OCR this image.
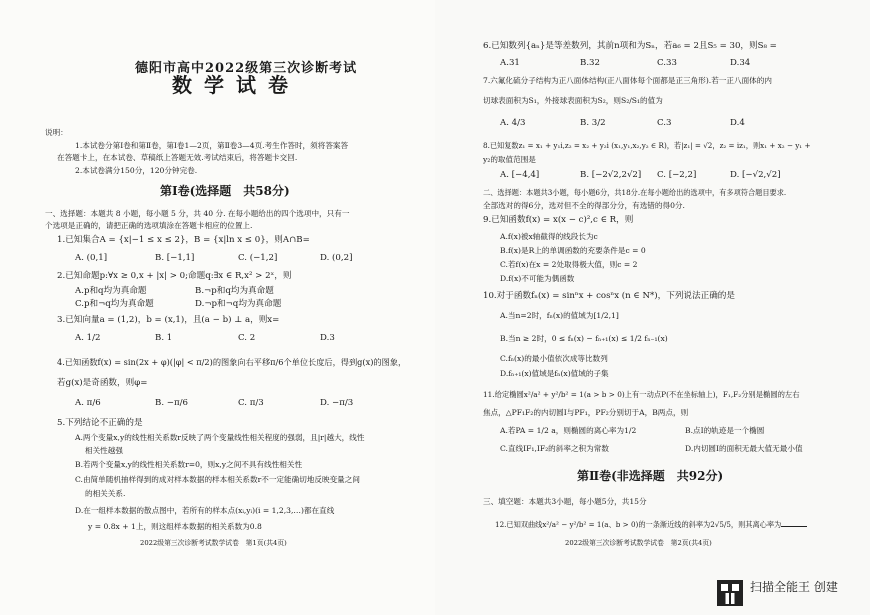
德阳市高中2022级第三次诊断考试
数学试卷
说明：
1.本试卷分第Ⅰ卷和第Ⅱ卷，第Ⅰ卷1—2页，第Ⅱ卷3—4页.考生作答时，须将答案答
在答题卡上，在本试卷、草稿纸上答题无效.考试结束后，将答题卡交回.
2.本试卷满分150分，120分钟完卷.
第Ⅰ卷(选择题　共58分)
一、选择题：本题共 8 小题，每小题 5 分，共 40 分. 在每小题给出的四个选项中，只有一
个选项是正确的，请把正确的选项填涂在答题卡相应的位置上.
1.已知集合A = {x|−1 ≤ x ≤ 2}，B = {x|ln x ≤ 0}，则A∩B=
A. (0,1]	B. [−1,1]	C. (−1,2]	D. (0,2]
2.已知命题p:∀x ≥ 0,x + |x| > 0;命题q:∃x ∈ R,x² > 2ˣ，则
A.p和q均为真命题	B.¬p和q均为真命题
C.p和¬q均为真命题	D.¬p和¬q均为真命题
3.已知向量a = (1,2)，b = (x,1)，且(a − b) ⊥ a，则x=
A. 1/2	B. 1	C. 2	D.3
4.已知函数f(x) = sin(2x + φ)(|φ| < π/2)的图象向右平移π/6个单位长度后，得到g(x)的图象，
若g(x)是奇函数，则φ=
A. π/6	B. −π/6	C. π/3	D. −π/3
5.下列结论不正确的是
A.两个变量x,y的线性相关系数r反映了两个变量线性相关程度的强弱，且|r|越大，线性
相关性越强
B.若两个变量x,y的线性相关系数r=0，则x,y之间不具有线性相关性
C.由简单随机抽样得到的成对样本数据的样本相关系数r不一定能确切地反映变量之间
的相关关系.
D.在一组样本数据的散点图中，若所有的样本点(xᵢ,yᵢ)(i = 1,2,3,…)都在直线
y = 0.8x + 1上，则这组样本数据的相关系数为0.8
2022级第三次诊断考试数学试卷　第1页(共4页)
6.已知数列{aₙ}是等差数列，其前n项和为Sₙ，若a₆ = 2且S₅ = 30，则S₈ =
A.31	B.32	C.33	D.34
7.六氟化硫分子结构为正八面体结构(正八面体每个面都是正三角形).若一正八面体的内
切球表面积为S₁，外接球表面积为S₂，则S₂/S₁的值为
A. 4/3	B. 3/2	C.3	D.4
8.已知复数z₁ = x₁ + y₁i,z₂ = x₂ + y₂i (x₁,y₁,x₂,y₂ ∈ R)，若|z₁| = √2，z₂ = iz₁，则x₁ + x₂ − y₁ +
y₂的取值范围是
A. [−4,4]	B. [−2√2,2√2] C. [−2,2]	D. [−√2,√2]
二、选择题：本题共3小题，每小题6分，共18分.在每小题给出的选项中，有多项符合题目要求.
全部选对的得6分，选对但不全的得部分分，有选错的得0分.
9.已知函数f(x) = x(x − c)²,c ∈ R，则
A.f(x)被x轴截得的线段长为c
B.f(x)是R上的单调函数的充要条件是c = 0
C.若f(x)在x = 2处取得极大值，则c = 2
D.f(x)不可能为偶函数
10.对于函数fₙ(x) = sinⁿx + cosⁿx (n ∈ N*)，下列说法正确的是
A.当n=2时，fₙ(x)的值域为[1/2,1]
B.当n ≥ 2时，0 ≤ fₙ(x) − fₙ₊₁(x) ≤ 1/2 fₙ₋₁(x)
C.fₙ(x)的最小值依次成等比数列
D.fₙ₊₁(x)值域是fₙ(x)值域的子集
11.给定椭圆x²/a² + y²/b² = 1(a > b > 0)上有一动点P(不在坐标轴上)，F₁,F₂分别是椭圆的左右
焦点，△PF₁F₂的内切圆I与PF₁，PF₂分别切于A，B两点，则
A.若PA = 1/2 a，则椭圆的离心率为1/2	B.点I的轨迹是一个椭圆
C.直线IF₁,IF₂的斜率之积为常数	D.内切圆I的面积无最大值无最小值
第Ⅱ卷(非选择题　共92分)
三、填空题：本题共3小题，每小题5分，共15分
12.已知双曲线x²/a² − y²/b² = 1(a、b > 0)的一条渐近线的斜率为2√5/5，则其离心率为
2022级第三次诊断考试数学试卷　第2页(共4页)
扫描全能王 创建
